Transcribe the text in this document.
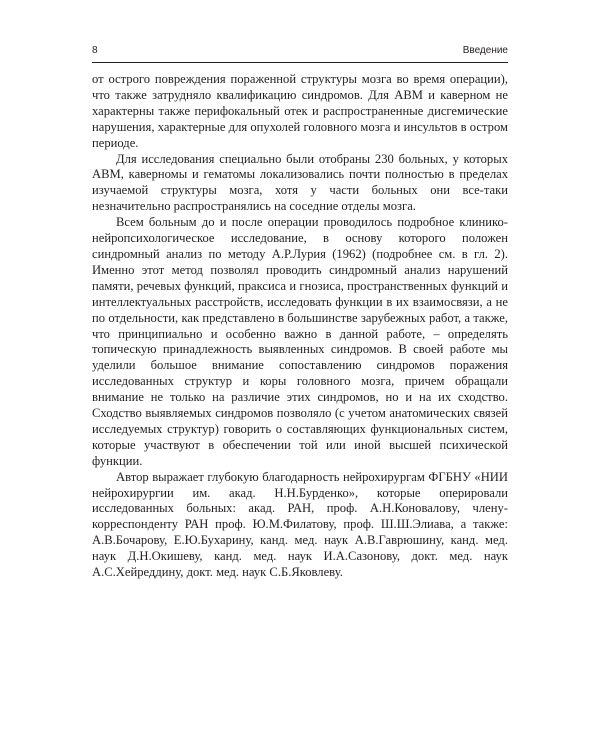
8	Введение

от острого повреждения пораженной структуры мозга во время операции), что также затрудняло квалификацию синдромов. Для АВМ и каверном не характерны также перифокальный отек и распространенные дисгемические нарушения, характерные для опухолей головного мозга и инсультов в остром периоде.

Для исследования специально были отобраны 230 больных, у которых АВМ, каверномы и гематомы локализовались почти полностью в пределах изучаемой структуры мозга, хотя у части больных они все-таки незначительно распространялись на соседние отделы мозга.

Всем больным до и после операции проводилось подробное клинико-нейропсихологическое исследование, в основу которого положен синдромный анализ по методу А.Р.Лурия (1962) (подробнее см. в гл. 2). Именно этот метод позволял проводить синдромный анализ нарушений памяти, речевых функций, праксиса и гнозиса, пространственных функций и интеллектуальных расстройств, исследовать функции в их взаимосвязи, а не по отдельности, как представлено в большинстве зарубежных работ, а также, что принципиально и особенно важно в данной работе, – определять топическую принадлежность выявленных синдромов. В своей работе мы уделили большое внимание сопоставлению синдромов поражения исследованных структур и коры головного мозга, причем обращали внимание не только на различие этих синдромов, но и на их сходство. Сходство выявляемых синдромов позволяло (с учетом анатомических связей исследуемых структур) говорить о составляющих функциональных систем, которые участвуют в обеспечении той или иной высшей психической функции.

Автор выражает глубокую благодарность нейрохирургам ФГБНУ «НИИ нейрохирургии им. акад. Н.Н.Бурденко», которые оперировали исследованных больных: акад. РАН, проф. А.Н.Коноваловy, члену-корреспонденту РАН проф. Ю.М.Филатову, проф. Ш.Ш.Элиава, а также: А.В.Бочарову, Е.Ю.Бухарину, канд. мед. наук А.В.Гаврюшину, канд. мед. наук Д.Н.Окишеву, канд. мед. наук И.А.Сазонову, докт. мед. наук А.С.Хейреддину, докт. мед. наук С.Б.Яковлеву.
